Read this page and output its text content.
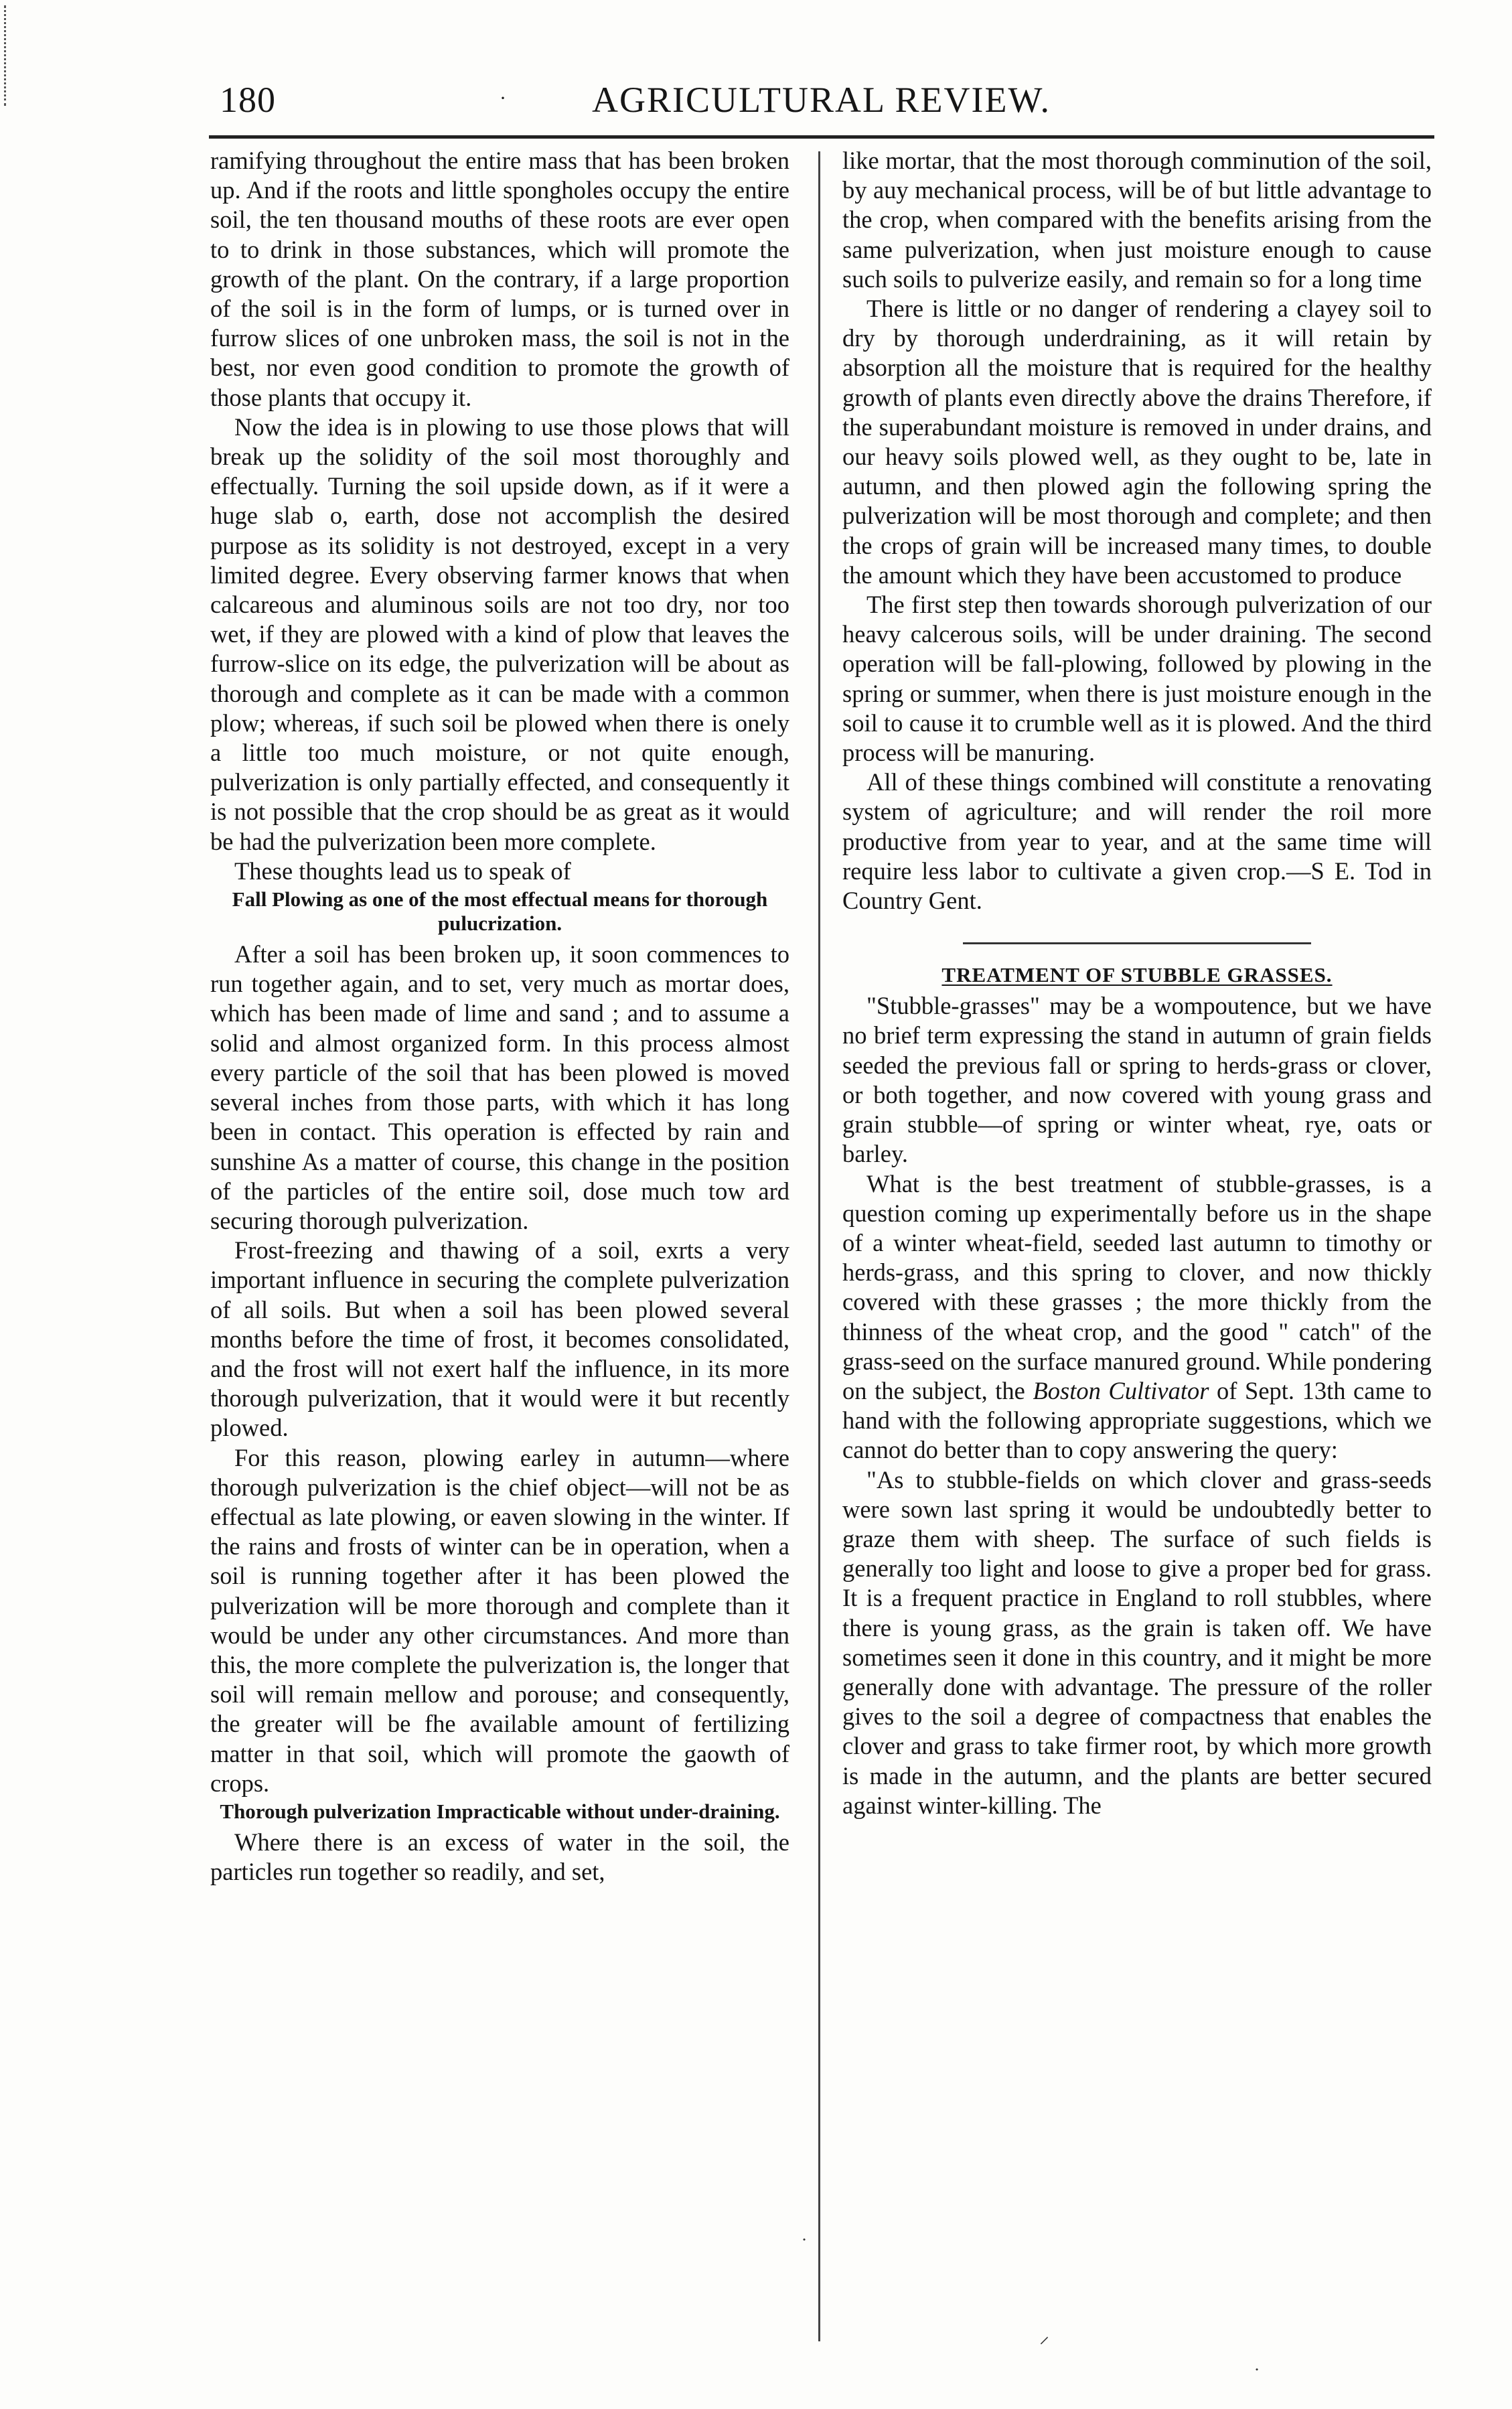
180	· AGRICULTURAL REVIEW.

ramifying throughout the entire mass that has been broken up. And if the roots and little spongholes occupy the entire soil, the ten thousand mouths of these roots are ever open to to drink in those substances, which will promote the growth of the plant. On the contrary, if a large proportion of the soil is in the form of lumps, or is turned over in furrow slices of one unbroken mass, the soil is not in the best, nor even good condition to promote the growth of those plants that occupy it.

Now the idea is in plowing to use those plows that will break up the solidity of the soil most thoroughly and effectually. Turning the soil upside down, as if it were a huge slab o, earth, dose not accomplish the desired purpose as its solidity is not destroyed, except in a very limited degree. Every observing farmer knows that when calcareous and aluminous soils are not too dry, nor too wet, if they are plowed with a kind of plow that leaves the furrow-slice on its edge, the pulverization will be about as thorough and complete as it can be made with a common plow; whereas, if such soil be plowed when there is onely a little too much moisture, or not quite enough, pulverization is only partially effected, and consequently it is not possible that the crop should be as great as it would be had the pulverization been more complete.

These thoughts lead us to speak of

Fall Plowing as one of the most effectual means for thorough pulucrization.

After a soil has been broken up, it soon commences to run together again, and to set, very much as mortar does, which has been made of lime and sand ; and to assume a solid and almost organized form. In this process almost every particle of the soil that has been plowed is moved several inches from those parts, with which it has long been in contact. This operation is effected by rain and sunshine As a matter of course, this change in the position of the particles of the entire soil, dose much tow ard securing thorough pulverization.

Frost-freezing and thawing of a soil, exrts a very important influence in securing the complete pulverization of all soils. But when a soil has been plowed several months before the time of frost, it becomes consolidated, and the frost will not exert half the influence, in its more thorough pulverization, that it would were it but recently plowed.

For this reason, plowing earley in autumn—where thorough pulverization is the chief object—will not be as effectual as late plowing, or eaven slowing in the winter. If the rains and frosts of winter can be in operation, when a soil is running together after it has been plowed the pulverization will be more thorough and complete than it would be under any other circumstances. And more than this, the more complete the pulverization is, the longer that soil will remain mellow and porouse; and consequently, the greater will be fhe available amount of fertilizing matter in that soil, which will promote the gaowth of crops.

Thorough pulverization Impracticable without under-draining.

Where there is an excess of water in the soil, the particles run together so readily, and set,

like mortar, that the most thorough comminution of the soil, by auy mechanical process, will be of but little advantage to the crop, when compared with the benefits arising from the same pulverization, when just moisture enough to cause such soils to pulverize easily, and remain so for a long time

There is little or no danger of rendering a clayey soil to dry by thorough underdraining, as it will retain by absorption all the moisture that is required for the healthy growth of plants even directly above the drains Therefore, if the superabundant moisture is removed in under drains, and our heavy soils plowed well, as they ought to be, late in autumn, and then plowed agin the following spring the pulverization will be most thorough and complete; and then the crops of grain will be increased many times, to double the amount which they have been accustomed to produce

The first step then towards shorough pulverization of our heavy calcerous soils, will be under draining. The second operation will be fall-plowing, followed by plowing in the spring or summer, when there is just moisture enough in the soil to cause it to crumble well as it is plowed. And the third process will be manuring.

All of these things combined will constitute a renovating system of agriculture; and will render the roil more productive from year to year, and at the same time will require less labor to cultivate a given crop.—S E. Tod in Country Gent.

TREATMENT OF STUBBLE GRASSES.

"Stubble-grasses" may be a wompoutence, but we have no brief term expressing the stand in autumn of grain fields seeded the previous fall or spring to herds-grass or clover, or both together, and now covered with young grass and grain stubble—of spring or winter wheat, rye, oats or barley.

What is the best treatment of stubble-grasses, is a question coming up experimentally before us in the shape of a winter wheat-field, seeded last autumn to timothy or herds-grass, and this spring to clover, and now thickly covered with these grasses ; the more thickly from the thinness of the wheat crop, and the good " catch" of the grass-seed on the surface manured ground. While pondering on the subject, the Boston Cultivator of Sept. 13th came to hand with the following appropriate suggestions, which we cannot do better than to copy answering the query:

"As to stubble-fields on which clover and grass-seeds were sown last spring it would be undoubtedly better to graze them with sheep. The surface of such fields is generally too light and loose to give a proper bed for grass. It is a frequent practice in England to roll stubbles, where there is young grass, as the grain is taken off. We have sometimes seen it done in this country, and it might be more generally done with advantage. The pressure of the roller gives to the soil a degree of compactness that enables the clover and grass to take firmer root, by which more growth is made in the autumn, and the plants are better secured against winter-killing. The

˙
⸝
˙
